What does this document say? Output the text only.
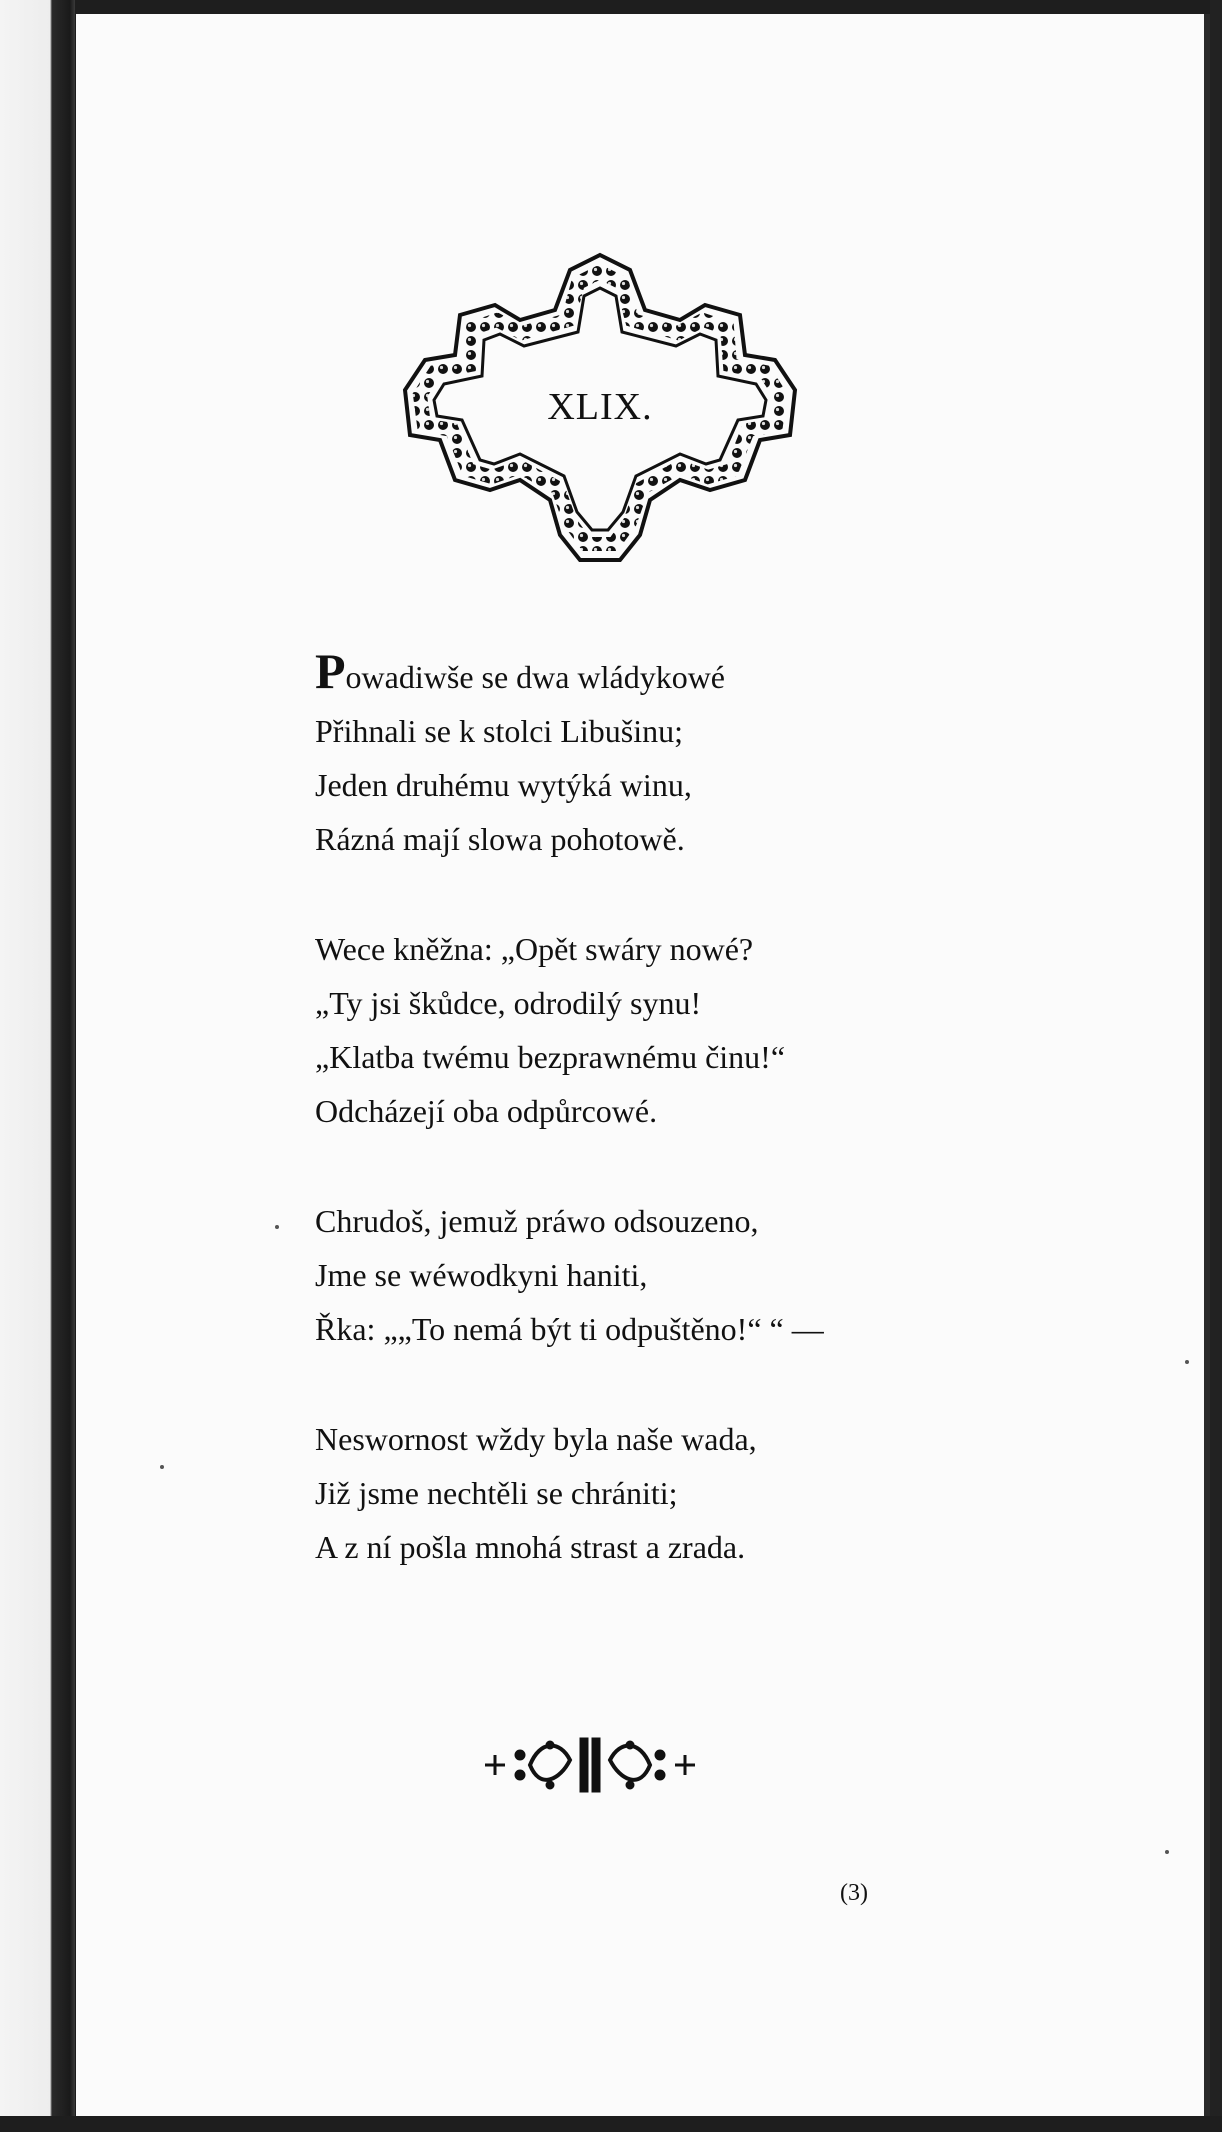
XLIX.
Powadiwše se dwa wládykowé
Přihnali se k stolci Libušinu;
Jeden druhému wytýká winu,
Rázná mají slowa pohotowě.
Wece kněžna: „Opět swáry nowé?
„Ty jsi škůdce, odrodilý synu!
„Klatba twému bezprawnému činu!“
Odcházejí oba odpůrcowé.
Chrudoš, jemuž práwo odsouzeno,
Jme se wéwodkyni haniti,
Řka: „„To nemá být ti odpuštěno!“ “ —
Neswornost wždy byla naše wada,
Již jsme nechtěli se chrániti;
A z ní pošla mnohá strast a zrada.
(3)
